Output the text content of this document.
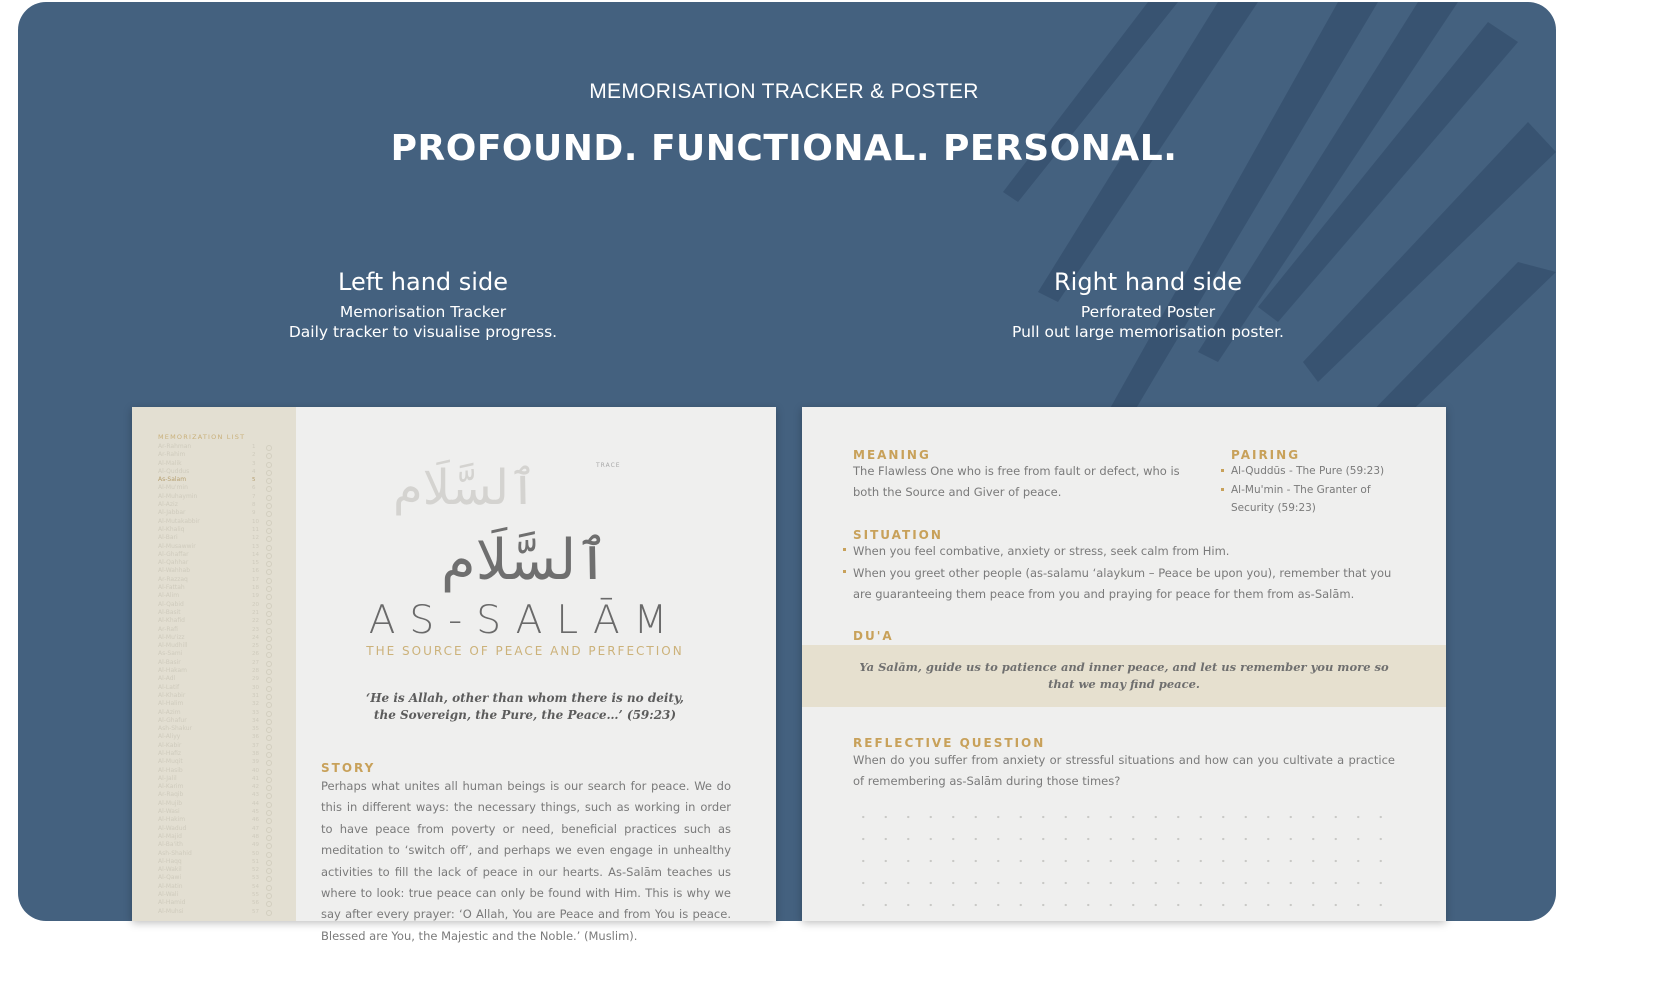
MEMORISATION TRACKER & POSTER
PROFOUND. FUNCTIONAL. PERSONAL.
Left hand side
Memorisation Tracker
Daily tracker to visualise progress.
Right hand side
Perforated Poster
Pull out large memorisation poster.
MEMORIZATION LIST
Ar-Rahman	1
Ar-Rahim	2
Al-Malik	3
Al-Quddus	4
As-Salam	5
Al-Mu'min	6
Al-Muhaymin	7
Al-Aziz	8
Al-Jabbar	9
Al-Mutakabbir	10
Al-Khaliq	11
Al-Bari	12
Al-Musawwir	13
Al-Ghaffar	14
Al-Qahhar	15
Al-Wahhab	16
Ar-Razzaq	17
Al-Fattah	18
Al-Alim	19
Al-Qabid	20
Al-Basit	21
Al-Khafid	22
Ar-Rafi	23
Al-Mu'izz	24
Al-Mudhill	25
As-Sami	26
Al-Basir	27
Al-Hakam	28
Al-Adl	29
Al-Latif	30
Al-Khabir	31
Al-Halim	32
Al-Azim	33
Al-Ghafur	34
Ash-Shakur	35
Al-Aliyy	36
Al-Kabir	37
Al-Hafiz	38
Al-Muqit	39
Al-Hasib	40
Al-Jalil	41
Al-Karim	42
Ar-Raqib	43
Al-Mujib	44
Al-Wasi	45
Al-Hakim	46
Al-Wadud	47
Al-Majid	48
Al-Ba'ith	49
Ash-Shahid	50
Al-Haqq	51
Al-Wakil	52
Al-Qawi	53
Al-Matin	54
Al-Wali	55
Al-Hamid	56
Al-Muhsi	57
ٱلسَّلَام	TRACE
ٱلسَّلَام
AS-SALĀM
THE SOURCE OF PEACE AND PERFECTION
‘He is Allah, other than whom there is no deity,
the Sovereign, the Pure, the Peace…’ (59:23)
STORY
Perhaps what unites all human beings is our search for peace. We do this in different ways: the necessary things, such as working in order to have peace from poverty or need, beneficial practices such as meditation to ‘switch off’, and perhaps we even engage in unhealthy activities to fill the lack of peace in our hearts. As-Salām teaches us where to look: true peace can only be found with Him. This is why we say after every prayer: ‘O Allah, You are Peace and from You is peace. Blessed are You, the Majestic and the Noble.’ (Muslim).
MEANING
The Flawless One who is free from fault or defect, who is both the Source and Giver of peace.
PAIRING
Al-Quddūs - The Pure (59:23)
Al-Mu'min - The Granter of Security (59:23)
SITUATION
When you feel combative, anxiety or stress, seek calm from Him.
When you greet other people (as-salamu ‘alaykum – Peace be upon you), remember that you are guaranteeing them peace from you and praying for peace for them from as-Salām.
DU'A
Ya Salām, guide us to patience and inner peace, and let us remember you more so that we may find peace.
REFLECTIVE QUESTION
When do you suffer from anxiety or stressful situations and how can you cultivate a practice of remembering as-Salām during those times?
